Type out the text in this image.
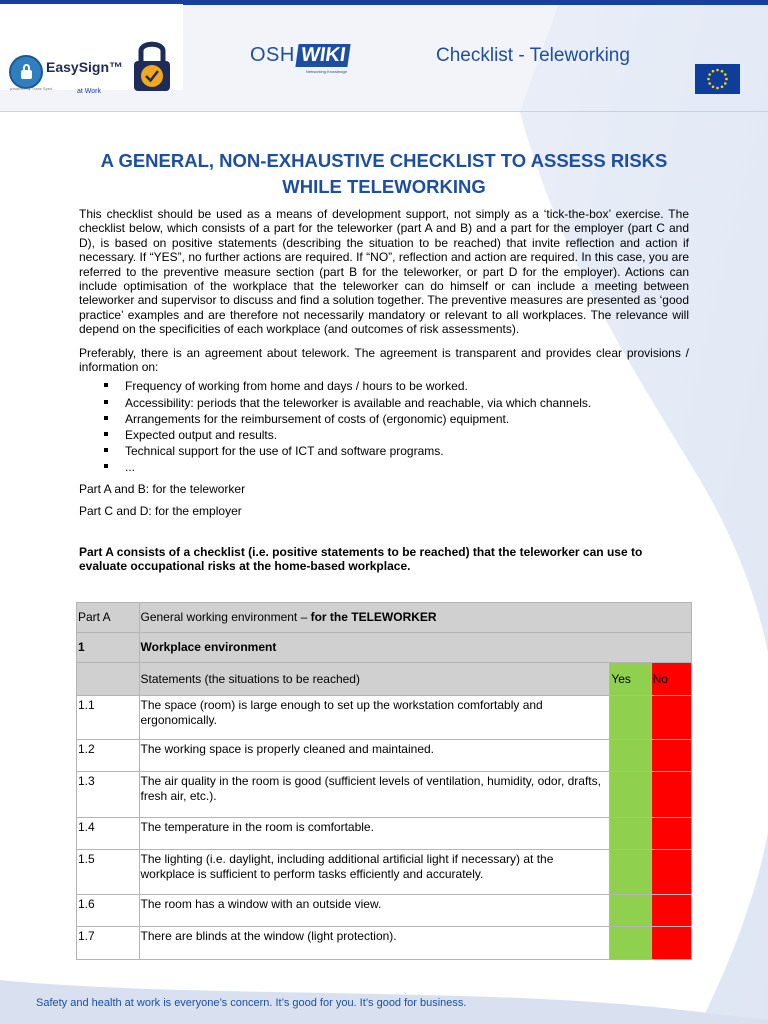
EasySign™
powered by Trans Sped	at Work
OSH WIKI
Networking Knowledge
Checklist - Teleworking
A GENERAL, NON-EXHAUSTIVE CHECKLIST TO ASSESS RISKS WHILE TELEWORKING
This checklist should be used as a means of development support, not simply as a ‘tick-the-box’ exercise. The checklist below, which consists of a part for the teleworker (part A and B) and a part for the employer (part C and D), is based on positive statements (describing the situation to be reached) that invite reflection and action if necessary. If “YES”, no further actions are required. If “NO”, reflection and action are required. In this case, you are referred to the preventive measure section (part B for the teleworker, or part D for the employer). Actions can include optimisation of the workplace that the teleworker can do himself or can include a meeting between teleworker and supervisor to discuss and find a solution together. The preventive measures are presented as ‘good practice’ examples and are therefore not necessarily mandatory or relevant to all workplaces. The relevance will depend on the specificities of each workplace (and outcomes of risk assessments).
Preferably, there is an agreement about telework. The agreement is transparent and provides clear provisions / information on:
Frequency of working from home and days / hours to be worked.
Accessibility: periods that the teleworker is available and reachable, via which channels.
Arrangements for the reimbursement of costs of (ergonomic) equipment.
Expected output and results.
Technical support for the use of ICT and software programs.
...
Part A and B: for the teleworker
Part C and D: for the employer
Part A consists of a checklist (i.e. positive statements to be reached) that the teleworker can use to evaluate occupational risks at the home-based workplace.
Part A	General working environment – for the TELEWORKER		
1	Workplace environment		
	Statements (the situations to be reached)	Yes	No
1.1	The space (room) is large enough to set up the workstation comfortably and ergonomically.		
1.2	The working space is properly cleaned and maintained.		
1.3	The air quality in the room is good (sufficient levels of ventilation, humidity, odor, drafts, fresh air, etc.).		
1.4	The temperature in the room is comfortable.		
1.5	The lighting (i.e. daylight, including additional artificial light if necessary) at the workplace is sufficient to perform tasks efficiently and accurately.		
1.6	The room has a window with an outside view.		
1.7	There are blinds at the window (light protection).		
Safety and health at work is everyone’s concern. It’s good for you. It’s good for business.
